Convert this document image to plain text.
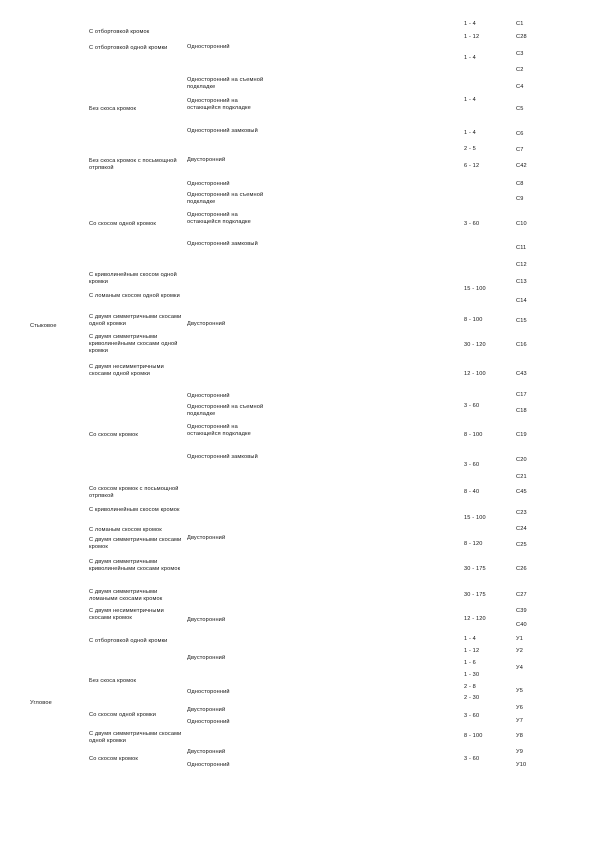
Стыковое
Угловое
С отбортовкой кромок
С отбортовкой одной кромки
Без скоса кромок
Без скоса кромок с посьмощной отрпвкой
Со скосом одной кромок
С криволинейным скосом одной кромки
С ломаным скосом одной кромки
С двумя симметричными скосами одной кромки
С двумя симметричными криволинейными скосами одной кромки
С двумя несимметричными скосами одной кромки
Со скосом кромок
Со скосом кромок с посьмощной отрпвкой
С криволинейным скосом кромок
С ломаным скосом кромок
С двумя симметричными скосами кромок
С двумя симметричными криволинейными скосами кромок
С двумя симметричными ломаными скосами кромок
С двумя несимметричными скосами кромок
С отбортовкой одной кромки
Без скоса кромок
Со скосом одной кромки
С двумя симметричными скосами одной кромки
Со скосом кромок
Односторонний
Односторонний на съемной подкладке
Односторонний на остающейся подкладке
Односторонний замковый
Двусторонний
Односторонний
Односторонний на съемной подкладке
Односторонний на остающейся подкладке
Односторонний замковый
Двусторонний
Односторонний
Односторонний на съемной подкладке
Односторонний на остающейся подкладке
Односторонний замковый
Двусторонний
Двусторонний
Двусторонний
Односторонний
Двусторонний
Односторонний
Двусторонний
Односторонний
1 - 4
1 - 12
1 - 4
1 - 4
1 - 4
2 - 5
6 - 12
3 - 60
15 - 100
8 - 100
30 - 120
12 - 100
3 - 60
8 - 100
3 - 60
8 - 40
15 - 100
8 - 120
30 - 175
30 - 175
12 - 120
1 - 4
1 - 12
1 - 6
1 - 30
2 - 8
2 - 30
3 - 60
8 - 100
3 - 60
С1
С28
С3
С2
С4
С5
С6
С7
С42
С8
С9
С10
С11
С12
С13
С14
С15
С16
С43
С17
С18
С19
С20
С21
С45
С23
С24
С25
С26
С27
С39
С40
У1
У2
У4
У5
У6
У7
У8
У9
У10
